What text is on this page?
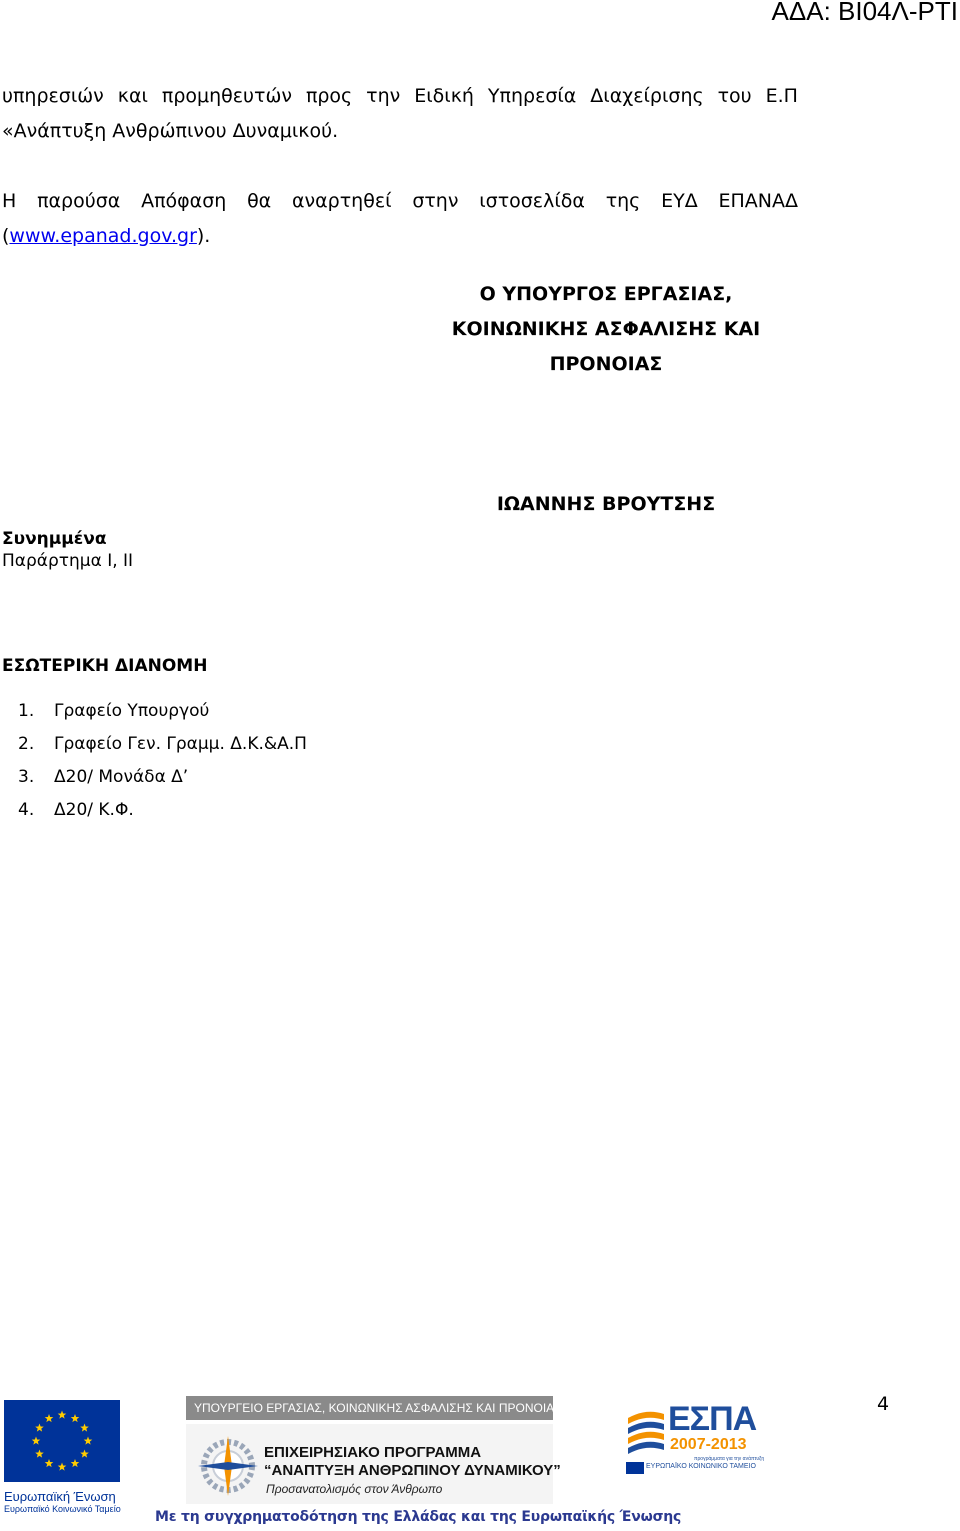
ΑΔΑ: ΒΙ04Λ-ΡΤΙ
υπηρεσιών και προμηθευτών προς την Ειδική Υπηρεσία Διαχείρισης του Ε.Π
«Ανάπτυξη Ανθρώπινου Δυναμικού.
Η παρούσα Απόφαση θα αναρτηθεί στην ιστοσελίδα της ΕΥΔ ΕΠΑΝΑΔ
(www.epanad.gov.gr).
Ο ΥΠΟΥΡΓΟΣ ΕΡΓΑΣΙΑΣ,
ΚΟΙΝΩΝΙΚΗΣ ΑΣΦΑΛΙΣΗΣ ΚΑΙ
ΠΡΟΝΟΙΑΣ
ΙΩΑΝΝΗΣ ΒΡΟΥΤΣΗΣ
Συνημμένα
Παράρτημα Ι, ΙΙ
ΕΣΩΤΕΡΙΚΗ ΔΙΑΝΟΜΗ
1. Γραφείο Υπουργού
2. Γραφείο Γεν. Γραμμ. Δ.Κ.&Α.Π
3. Δ20/ Μονάδα Δ’
4. Δ20/ Κ.Φ.
4
Ευρωπαϊκή Ένωση
Ευρωπαϊκό Κοινωνικό Ταμείο
ΥΠΟΥΡΓΕΙΟ ΕΡΓΑΣΙΑΣ, ΚΟΙΝΩΝΙΚΗΣ ΑΣΦΑΛΙΣΗΣ ΚΑΙ ΠΡΟΝΟΙΑΣ
ΕΠΙΧΕΙΡΗΣΙΑΚΟ ΠΡΟΓΡΑΜΜΑ
“ΑΝΑΠΤΥΞΗ ΑΝΘΡΩΠΙΝΟΥ ΔΥΝΑΜΙΚΟΥ”
Προσανατολισμός στον Άνθρωπο
ΕΣΠΑ
2007-2013
ΕΥΡΩΠΑΪΚΟ ΚΟΙΝΩΝΙΚΟ ΤΑΜΕΙΟ
προγράμματα για την ανάπτυξη
Με τη συγχρηματοδότηση της Ελλάδας και της Ευρωπαϊκής Ένωσης
